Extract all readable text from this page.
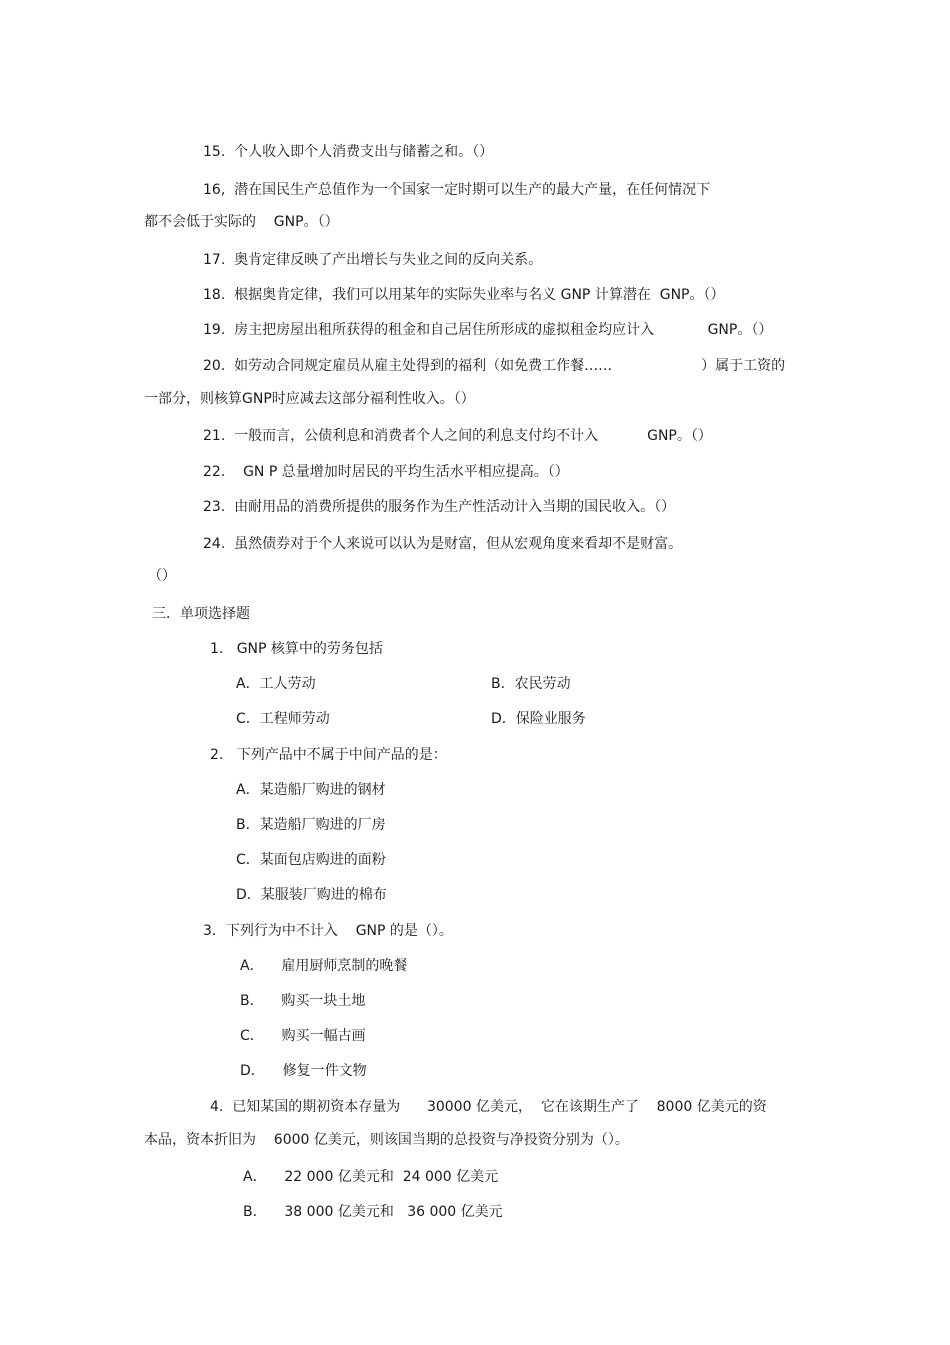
15.  个人收入即个人消费支出与储蓄之和。（）
16,  潜在国民生产总值作为一个国家一定时期可以生产的最大产量，在任何情况下
都不会低于实际的    GNP。（）
17.  奥肯定律反映了产出增长与失业之间的反向关系。
18.  根据奥肯定律，我们可以用某年的实际失业率与名义 GNP 计算潜在  GNP。（）
19.  房主把房屋出租所获得的租金和自己居住所形成的虚拟租金均应计入            GNP。（）
20.  如劳动合同规定雇员从雇主处得到的福利（如免费工作餐……                    ）属于工资的
一部分，则核算GNP时应减去这部分福利性收入。（）
21.  一般而言，公债利息和消费者个人之间的利息支付均不计入           GNP。（）
22.    GN P 总量增加时居民的平均生活水平相应提高。（）
23.  由耐用品的消费所提供的服务作为生产性活动计入当期的国民收入。（）
24.  虽然债券对于个人来说可以认为是财富，但从宏观角度来看却不是财富。
（）
三．单项选择题
1.   GNP 核算中的劳务包括
A．工人劳动	B．农民劳动
C．工程师劳动	D．保险业服务
2.   下列产品中不属于中间产品的是：
A．某造船厂购进的钢材
B．某造船厂购进的厂房
C．某面包店购进的面粉
D．某服装厂购进的棉布
3．下列行为中不计入    GNP 的是（）。
A．    雇用厨师烹制的晚餐
B．    购买一块土地
C．    购买一幅古画
D．    修复一件文物
4.  已知某国的期初资本存量为      30000 亿美元，  它在该期生产了    8000 亿美元的资
本品，资本折旧为    6000 亿美元，则该国当期的总投资与净投资分别为（）。
A．    22 000 亿美元和  24 000 亿美元
B．    38 000 亿美元和   36 000 亿美元
